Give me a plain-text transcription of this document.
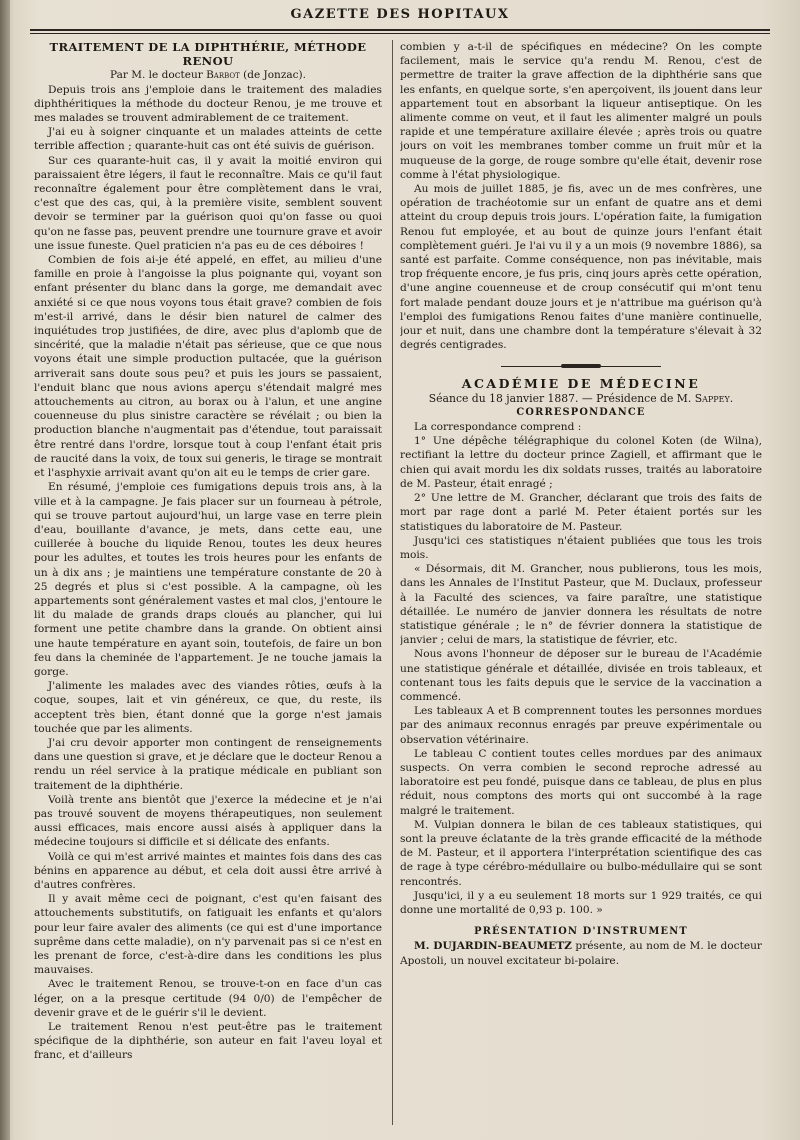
GAZETTE DES HOPITAUX

TRAITEMENT DE LA DIPHTHÉRIE, MÉTHODE RENOU

Par M. le docteur Barbot (de Jonzac).

Depuis trois ans j'emploie dans le traitement des maladies diphthéritiques la méthode du docteur Renou, je me trouve et mes malades se trouvent admirablement de ce traitement.

J'ai eu à soigner cinquante et un malades atteints de cette terrible affection ; quarante-huit cas ont été suivis de guérison.

Sur ces quarante-huit cas, il y avait la moitié environ qui paraissaient être légers, il faut le reconnaître. Mais ce qu'il faut reconnaître également pour être complètement dans le vrai, c'est que des cas, qui, à la première visite, semblent souvent devoir se terminer par la guérison quoi qu'on fasse ou quoi qu'on ne fasse pas, peuvent prendre une tournure grave et avoir une issue funeste. Quel praticien n'a pas eu de ces déboires !

Combien de fois ai-je été appelé, en effet, au milieu d'une famille en proie à l'angoisse la plus poignante qui, voyant son enfant présenter du blanc dans la gorge, me demandait avec anxiété si ce que nous voyons tous était grave? combien de fois m'est-il arrivé, dans le désir bien naturel de calmer des inquiétudes trop justifiées, de dire, avec plus d'aplomb que de sincérité, que la maladie n'était pas sérieuse, que ce que nous voyons était une simple production pultacée, que la guérison arriverait sans doute sous peu? et puis les jours se passaient, l'enduit blanc que nous avions aperçu s'étendait malgré mes attouchements au citron, au borax ou à l'alun, et une angine couenneuse du plus sinistre caractère se révélait ; ou bien la production blanche n'augmentait pas d'étendue, tout paraissait être rentré dans l'ordre, lorsque tout à coup l'enfant était pris de raucité dans la voix, de toux sui generis, le tirage se montrait et l'asphyxie arrivait avant qu'on ait eu le temps de crier gare.

En résumé, j'emploie ces fumigations depuis trois ans, à la ville et à la campagne. Je fais placer sur un fourneau à pétrole, qui se trouve partout aujourd'hui, un large vase en terre plein d'eau, bouillante d'avance, je mets, dans cette eau, une cuillerée à bouche du liquide Renou, toutes les deux heures pour les adultes, et toutes les trois heures pour les enfants de un à dix ans ; je maintiens une température constante de 20 à 25 degrés et plus si c'est possible. A la campagne, où les appartements sont généralement vastes et mal clos, j'entoure le lit du malade de grands draps cloués au plancher, qui lui forment une petite chambre dans la grande. On obtient ainsi une haute température en ayant soin, toutefois, de faire un bon feu dans la cheminée de l'appartement. Je ne touche jamais la gorge.

J'alimente les malades avec des viandes rôties, œufs à la coque, soupes, lait et vin généreux, ce que, du reste, ils acceptent très bien, étant donné que la gorge n'est jamais touchée que par les aliments.

J'ai cru devoir apporter mon contingent de renseignements dans une question si grave, et je déclare que le docteur Renou a rendu un réel service à la pratique médicale en publiant son traitement de la diphthérie.

Voilà trente ans bientôt que j'exerce la médecine et je n'ai pas trouvé souvent de moyens thérapeutiques, non seulement aussi efficaces, mais encore aussi aisés à appliquer dans la médecine toujours si difficile et si délicate des enfants.

Voilà ce qui m'est arrivé maintes et maintes fois dans des cas bénins en apparence au début, et cela doit aussi être arrivé à d'autres confrères.

Il y avait même ceci de poignant, c'est qu'en faisant des attouchements substitutifs, on fatiguait les enfants et qu'alors pour leur faire avaler des aliments (ce qui est d'une importance suprême dans cette maladie), on n'y parvenait pas si ce n'est en les prenant de force, c'est-à-dire dans les conditions les plus mauvaises.

Avec le traitement Renou, se trouve-t-on en face d'un cas léger, on a la presque certitude (94 0/0) de l'empêcher de devenir grave et de le guérir s'il le devient.

Le traitement Renou n'est peut-être pas le traitement spécifique de la diphthérie, son auteur en fait l'aveu loyal et franc, et d'ailleurs

combien y a-t-il de spécifiques en médecine? On les compte facilement, mais le service qu'a rendu M. Renou, c'est de permettre de traiter la grave affection de la diphthérie sans que les enfants, en quelque sorte, s'en aperçoivent, ils jouent dans leur appartement tout en absorbant la liqueur antiseptique. On les alimente comme on veut, et il faut les alimenter malgré un pouls rapide et une température axillaire élevée ; après trois ou quatre jours on voit les membranes tomber comme un fruit mûr et la muqueuse de la gorge, de rouge sombre qu'elle était, devenir rose comme à l'état physiologique.

Au mois de juillet 1885, je fis, avec un de mes confrères, une opération de trachéotomie sur un enfant de quatre ans et demi atteint du croup depuis trois jours. L'opération faite, la fumigation Renou fut employée, et au bout de quinze jours l'enfant était complètement guéri. Je l'ai vu il y a un mois (9 novembre 1886), sa santé est parfaite. Comme conséquence, non pas inévitable, mais trop fréquente encore, je fus pris, cinq jours après cette opération, d'une angine couenneuse et de croup consécutif qui m'ont tenu fort malade pendant douze jours et je n'attribue ma guérison qu'à l'emploi des fumigations Renou faites d'une manière continuelle, jour et nuit, dans une chambre dont la température s'élevait à 32 degrés centigrades.

ACADÉMIE DE MÉDECINE

Séance du 18 janvier 1887. — Présidence de M. Sappey.

CORRESPONDANCE

La correspondance comprend :

1° Une dépêche télégraphique du colonel Koten (de Wilna), rectifiant la lettre du docteur prince Zagiell, et affirmant que le chien qui avait mordu les dix soldats russes, traités au laboratoire de M. Pasteur, était enragé ;

2° Une lettre de M. Grancher, déclarant que trois des faits de mort par rage dont a parlé M. Peter étaient portés sur les statistiques du laboratoire de M. Pasteur.

Jusqu'ici ces statistiques n'étaient publiées que tous les trois mois.

« Désormais, dit M. Grancher, nous publierons, tous les mois, dans les Annales de l'Institut Pasteur, que M. Duclaux, professeur à la Faculté des sciences, va faire paraître, une statistique détaillée. Le numéro de janvier donnera les résultats de notre statistique générale ; le n° de février donnera la statistique de janvier ; celui de mars, la statistique de février, etc.

Nous avons l'honneur de déposer sur le bureau de l'Académie une statistique générale et détaillée, divisée en trois tableaux, et contenant tous les faits depuis que le service de la vaccination a commencé.

Les tableaux A et B comprennent toutes les personnes mordues par des animaux reconnus enragés par preuve expérimentale ou observation vétérinaire.

Le tableau C contient toutes celles mordues par des animaux suspects. On verra combien le second reproche adressé au laboratoire est peu fondé, puisque dans ce tableau, de plus en plus réduit, nous comptons des morts qui ont succombé à la rage malgré le traitement.

M. Vulpian donnera le bilan de ces tableaux statistiques, qui sont la preuve éclatante de la très grande efficacité de la méthode de M. Pasteur, et il apportera l'interprétation scientifique des cas de rage à type cérébro-médullaire ou bulbo-médullaire qui se sont rencontrés.

Jusqu'ici, il y a eu seulement 18 morts sur 1 929 traités, ce qui donne une mortalité de 0,93 p. 100. »

PRÉSENTATION D'INSTRUMENT

M. DUJARDIN-BEAUMETZ présente, au nom de M. le docteur Apostoli, un nouvel excitateur bi-polaire.
